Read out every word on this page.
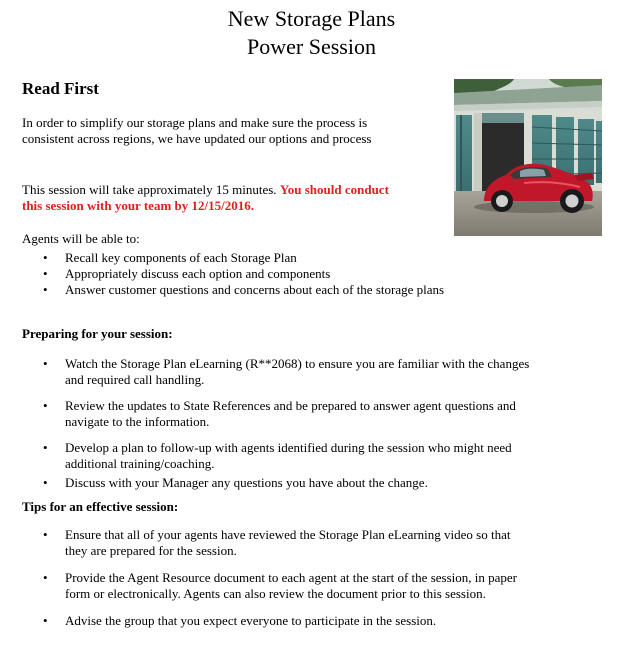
New Storage Plans
Power Session
Read First
In order to simplify our storage plans and make sure the process is
consistent across regions, we have updated our options and process
This session will take approximately 15 minutes. You should conduct
this session with your team by 12/15/2016.
Agents will be able to:
• Recall key components of each Storage Plan
• Appropriately discuss each option and components
• Answer customer questions and concerns about each of the storage plans
Preparing for your session:
• Watch the Storage Plan eLearning (R**2068) to ensure you are familiar with the changes
and required call handling.
• Review the updates to State References and be prepared to answer agent questions and
navigate to the information.
• Develop a plan to follow-up with agents identified during the session who might need
additional training/coaching.
• Discuss with your Manager any questions you have about the change.
Tips for an effective session:
• Ensure that all of your agents have reviewed the Storage Plan eLearning video so that
they are prepared for the session.
• Provide the Agent Resource document to each agent at the start of the session, in paper
form or electronically. Agents can also review the document prior to this session.
• Advise the group that you expect everyone to participate in the session.
